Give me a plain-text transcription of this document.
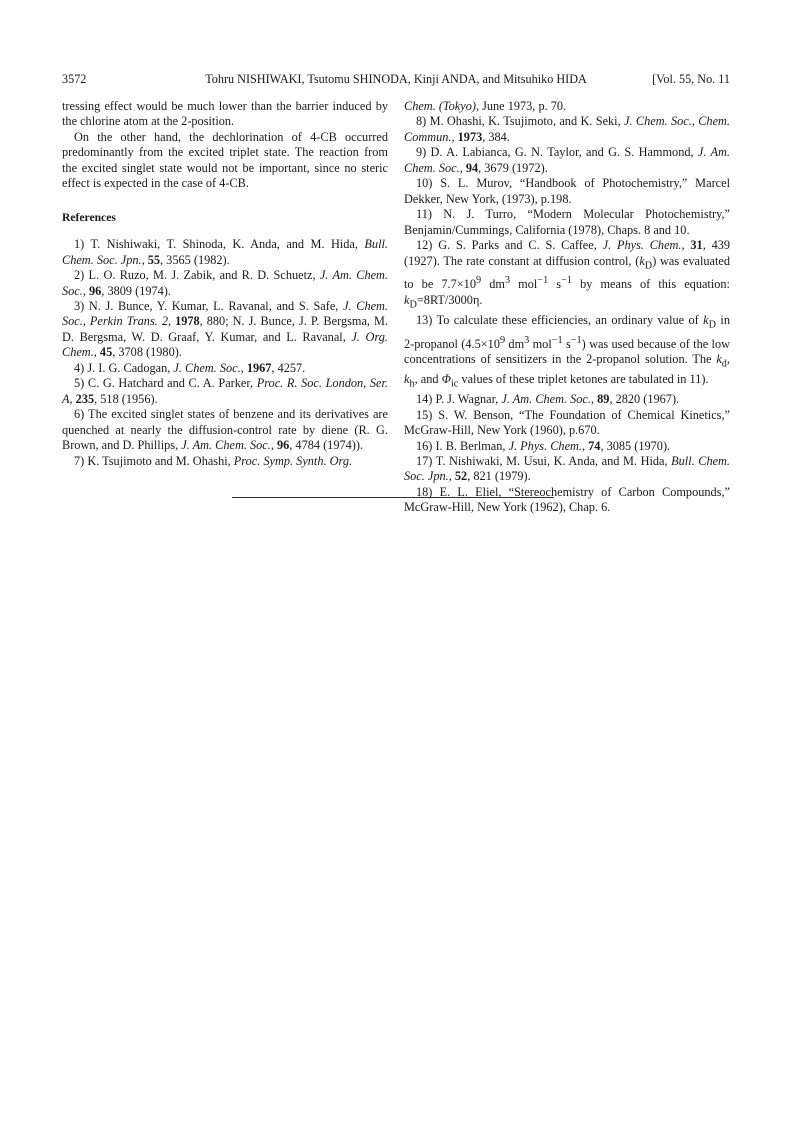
3572	Tohru NISHIWAKI, Tsutomu SHINODA, Kinji ANDA, and Mitsuhiko HIDA	[Vol. 55, No. 11

tressing effect would be much lower than the barrier induced by the chlorine atom at the 2-position.

On the other hand, the dechlorination of 4-CB occurred predominantly from the excited triplet state. The reaction from the excited singlet state would not be important, since no steric effect is expected in the case of 4-CB.

References

1) T. Nishiwaki, T. Shinoda, K. Anda, and M. Hida, Bull. Chem. Soc. Jpn., 55, 3565 (1982).

2) L. O. Ruzo, M. J. Zabik, and R. D. Schuetz, J. Am. Chem. Soc., 96, 3809 (1974).

3) N. J. Bunce, Y. Kumar, L. Ravanal, and S. Safe, J. Chem. Soc., Perkin Trans. 2, 1978, 880; N. J. Bunce, J. P. Bergsma, M. D. Bergsma, W. D. Graaf, Y. Kumar, and L. Ravanal, J. Org. Chem., 45, 3708 (1980).

4) J. I. G. Cadogan, J. Chem. Soc., 1967, 4257.

5) C. G. Hatchard and C. A. Parker, Proc. R. Soc. London, Ser. A, 235, 518 (1956).

6) The excited singlet states of benzene and its derivatives are quenched at nearly the diffusion-control rate by diene (R. G. Brown, and D. Phillips, J. Am. Chem. Soc., 96, 4784 (1974)).

7) K. Tsujimoto and M. Ohashi, Proc. Symp. Synth. Org.

Chem. (Tokyo), June 1973, p. 70.

8) M. Ohashi, K. Tsujimoto, and K. Seki, J. Chem. Soc., Chem. Commun., 1973, 384.

9) D. A. Labianca, G. N. Taylor, and G. S. Hammond, J. Am. Chem. Soc., 94, 3679 (1972).

10) S. L. Murov, “Handbook of Photochemistry,” Marcel Dekker, New York, (1973), p.198.

11) N. J. Turro, “Modern Molecular Photochemistry,” Benjamin/Cummings, California (1978), Chaps. 8 and 10.

12) G. S. Parks and C. S. Caffee, J. Phys. Chem., 31, 439 (1927). The rate constant at diffusion control, $(k_D)$ was evaluated to be $7.7\times 10^9$ $dm^3$ mol$^{-1}$ $s^{-1}$ by means of this equation: $k_D=8RT/3000\eta$.

13) To calculate these efficiencies, an ordinary value of $k_D$ in 2-propanol ($4.5\times 10^9$ $dm^3$ mol$^{-1}$ $s^{-1}$) was used because of the low concentrations of sensitizers in the 2-propanol solution. The $k_d$, $k_h$, and $\Phi_{ic}$ values of these triplet ketones are tabulated in 11).

14) P. J. Wagnar, J. Am. Chem. Soc., 89, 2820 (1967).

15) S. W. Benson, “The Foundation of Chemical Kinetics,” McGraw-Hill, New York (1960), p.670.

16) I. B. Berlman, J. Phys. Chem., 74, 3085 (1970).

17) T. Nishiwaki, M. Usui, K. Anda, and M. Hida, Bull. Chem. Soc. Jpn., 52, 821 (1979).

18) E. L. Eliel, “Stereochemistry of Carbon Compounds,” McGraw-Hill, New York (1962), Chap. 6.
